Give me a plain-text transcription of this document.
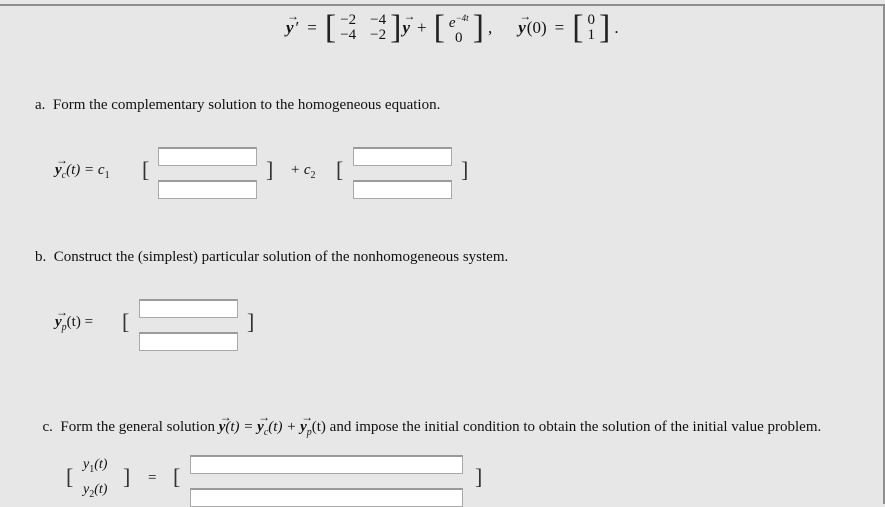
→ y ′ = [ −2 −4
−4 −2 ] → y + [ $e^{-4t}$
0 ] , → y (0) = [ 0
1 ] .
a.  Form the complementary solution to the homogeneous equation.
→ $y_c(t) = c_1$ [	] + $c_2$ [	]
b.  Construct the (simplest) particular solution of the nonhomogeneous system.
→ $y_p(t)$ = [	]

c.  Form the general solution → y(t) = → $y_c(t)$ + → $y_p(t)$ and impose the initial condition to obtain the solution of the initial value problem.

[ $y_1(t)$
$y_2(t)$
] = [	]
